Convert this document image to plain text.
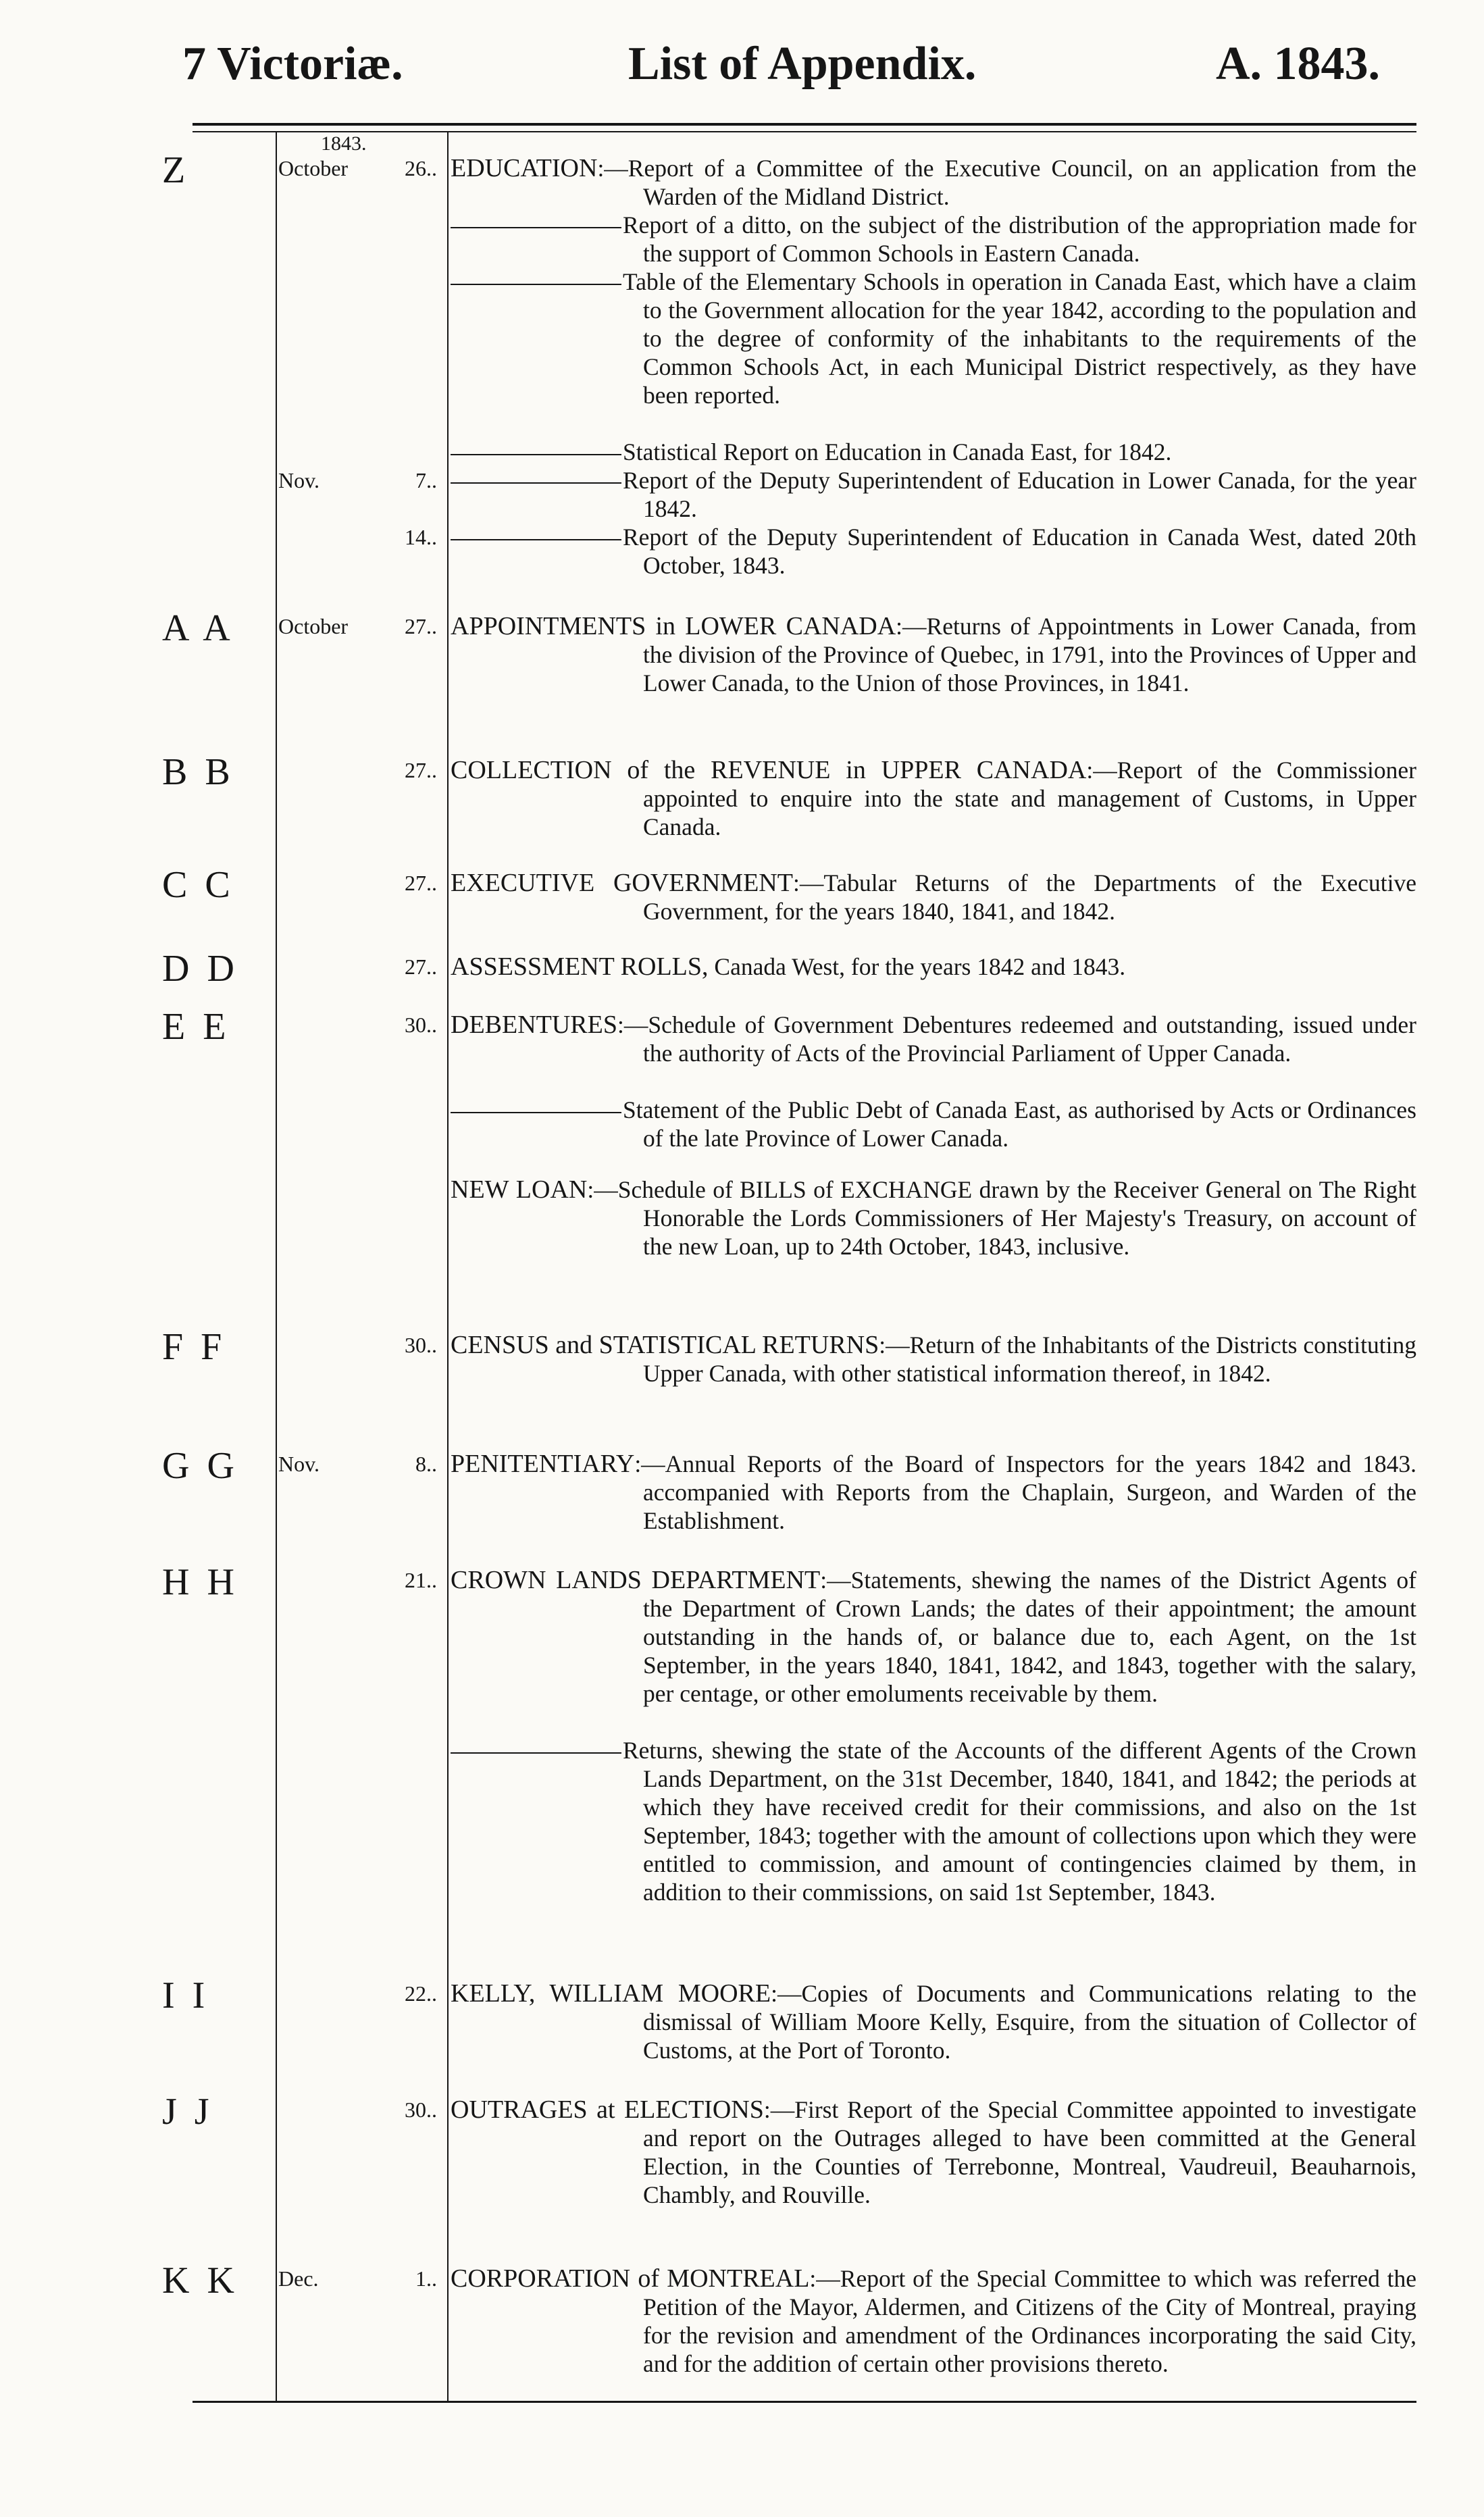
7 Victoriæ.	List of Appendix.	A. 1843.
1843.
Z	October	26.. EDUCATION:—Report of a Committee of the Executive Council, on an application from the Warden of the Midland District.
Report of a ditto, on the subject of the distribution of the appropriation made for the support of Common Schools in Eastern Canada.
Table of the Elementary Schools in operation in Canada East, which have a claim to the Government allocation for the year 1842, according to the population and to the degree of conformity of the inhabitants to the requirements of the Common Schools Act, in each Municipal District respectively, as they have been reported.
Statistical Report on Education in Canada East, for 1842.
Nov.	7..	Report of the Deputy Superintendent of Education in Lower Canada, for the year 1842.
14..	Report of the Deputy Superintendent of Education in Canada West, dated 20th October, 1843.
A A	October	27.. APPOINTMENTS in LOWER CANADA:—Returns of Appointments in Lower Canada, from the division of the Province of Quebec, in 1791, into the Provinces of Upper and Lower Canada, to the Union of those Provinces, in 1841.
B B	27.. COLLECTION of the REVENUE in UPPER CANADA:—Report of the Commissioner appointed to enquire into the state and management of Customs, in Upper Canada.
C C	27.. EXECUTIVE GOVERNMENT:—Tabular Returns of the Departments of the Executive Government, for the years 1840, 1841, and 1842.
D D	27.. ASSESSMENT ROLLS, Canada West, for the years 1842 and 1843.
E E	30.. DEBENTURES:—Schedule of Government Debentures redeemed and outstanding, issued under the authority of Acts of the Provincial Parliament of Upper Canada.
Statement of the Public Debt of Canada East, as authorised by Acts or Ordinances of the late Province of Lower Canada.
NEW LOAN:—Schedule of BILLS of EXCHANGE drawn by the Receiver General on The Right Honorable the Lords Commissioners of Her Majesty's Treasury, on account of the new Loan, up to 24th October, 1843, inclusive.
F F	30.. CENSUS and STATISTICAL RETURNS:—Return of the Inhabitants of the Districts constituting Upper Canada, with other statistical information thereof, in 1842.
G G	Nov.	8.. PENITENTIARY:—Annual Reports of the Board of Inspectors for the years 1842 and 1843. accompanied with Reports from the Chaplain, Surgeon, and Warden of the Establishment.
H H	21.. CROWN LANDS DEPARTMENT:—Statements, shewing the names of the District Agents of the Department of Crown Lands; the dates of their appointment; the amount outstanding in the hands of, or balance due to, each Agent, on the 1st September, in the years 1840, 1841, 1842, and 1843, together with the salary, per centage, or other emoluments receivable by them.
Returns, shewing the state of the Accounts of the different Agents of the Crown Lands Department, on the 31st December, 1840, 1841, and 1842; the periods at which they have received credit for their commissions, and also on the 1st September, 1843; together with the amount of collections upon which they were entitled to commission, and amount of contingencies claimed by them, in addition to their commissions, on said 1st September, 1843.
I I	22.. KELLY, WILLIAM MOORE:—Copies of Documents and Communications relating to the dismissal of William Moore Kelly, Esquire, from the situation of Collector of Customs, at the Port of Toronto.
J J	30.. OUTRAGES at ELECTIONS:—First Report of the Special Committee appointed to investigate and report on the Outrages alleged to have been committed at the General Election, in the Counties of Terrebonne, Montreal, Vaudreuil, Beauharnois, Chambly, and Rouville.
K K	Dec.	1.. CORPORATION of MONTREAL:—Report of the Special Committee to which was referred the Petition of the Mayor, Aldermen, and Citizens of the City of Montreal, praying for the revision and amendment of the Ordinances incorporating the said City, and for the addition of certain other provisions thereto.
